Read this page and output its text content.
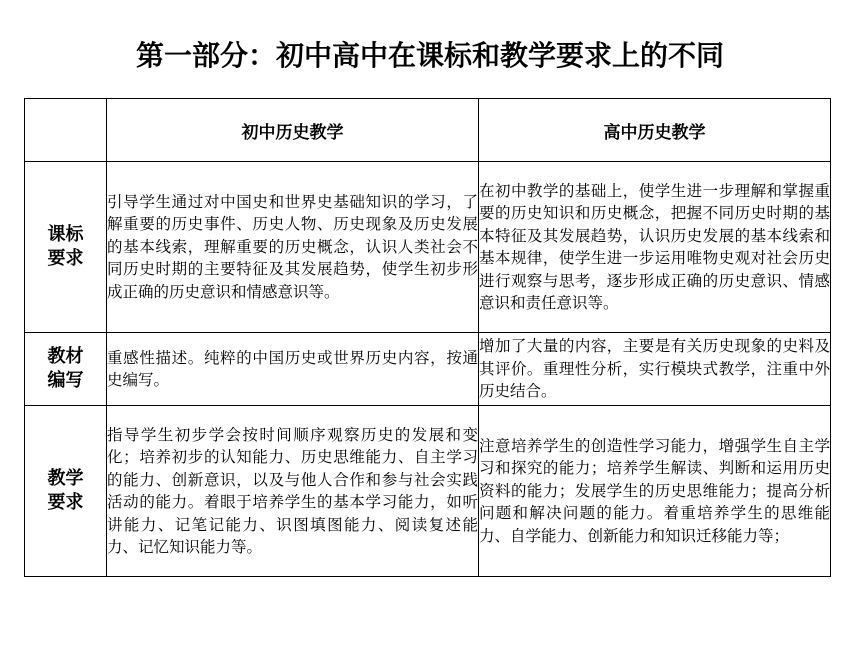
第一部分：初中高中在课标和教学要求上的不同
	初中历史教学	高中历史教学

课标
要求	引导学生通过对中国史和世界史基础知识的学习，了解重要的历史事件、历史人物、历史现象及历史发展的基本线索，理解重要的历史概念，认识人类社会不同历史时期的主要特征及其发展趋势，使学生初步形成正确的历史意识和情感意识等。	在初中教学的基础上，使学生进一步理解和掌握重要的历史知识和历史概念，把握不同历史时期的基本特征及其发展趋势，认识历史发展的基本线索和基本规律，使学生进一步运用唯物史观对社会历史进行观察与思考，逐步形成正确的历史意识、情感意识和责任意识等。

教材
编写	重感性描述。纯粹的中国历史或世界历史内容，按通史编写。	增加了大量的内容，主要是有关历史现象的史料及其评价。重理性分析，实行模块式教学，注重中外历史结合。

教学
要求	指导学生初步学会按时间顺序观察历史的发展和变化；培养初步的认知能力、历史思维能力、自主学习的能力、创新意识，以及与他人合作和参与社会实践活动的能力。着眼于培养学生的基本学习能力，如听讲能力、记笔记能力、识图填图能力、阅读复述能力、记忆知识能力等。	注意培养学生的创造性学习能力，增强学生自主学习和探究的能力；培养学生解读、判断和运用历史资料的能力；发展学生的历史思维能力；提高分析问题和解决问题的能力。着重培养学生的思维能力、自学能力、创新能力和知识迁移能力等；
